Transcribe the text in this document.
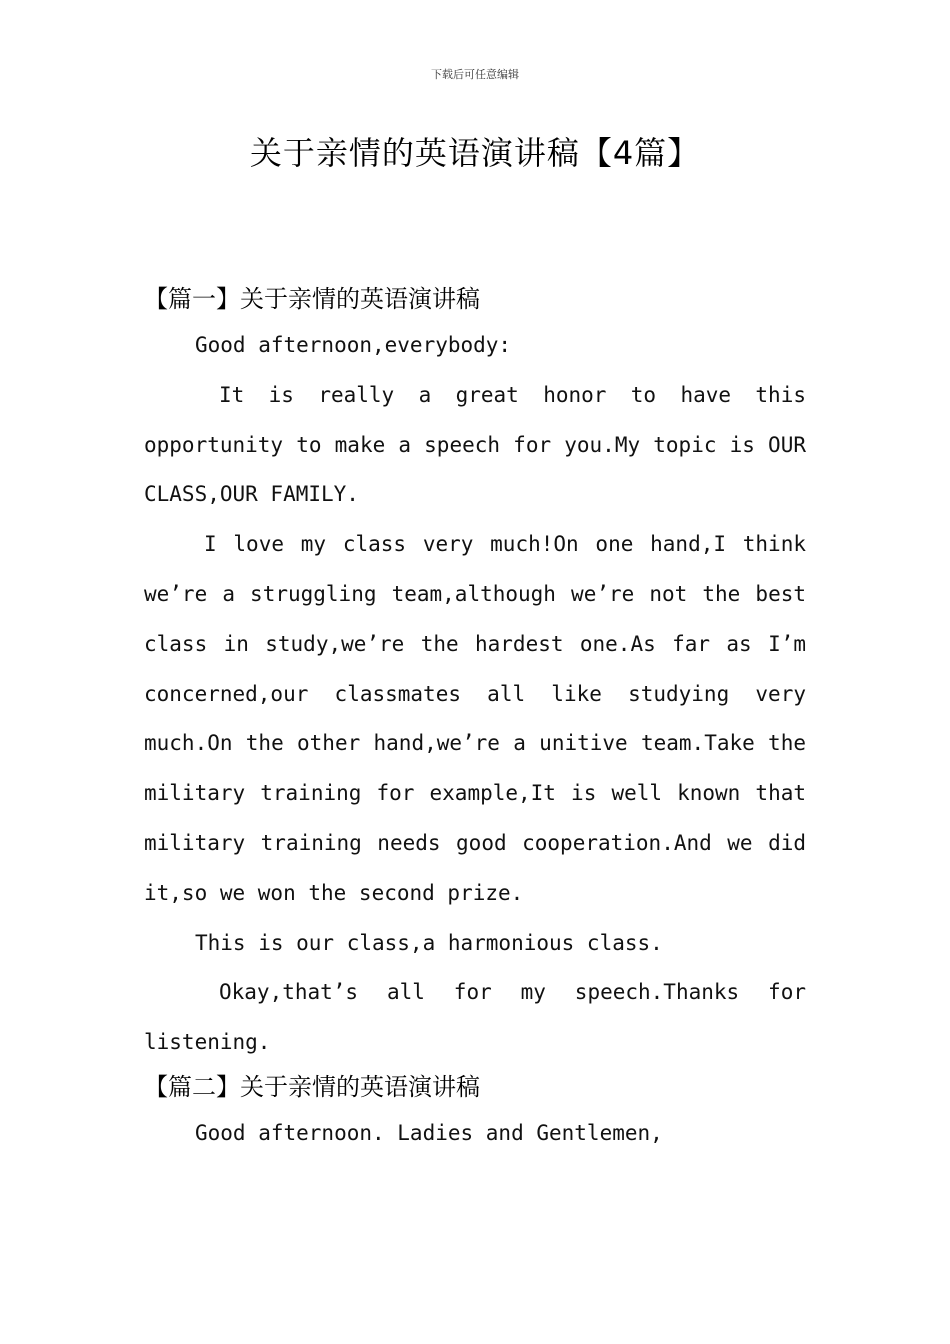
下载后可任意编辑
关于亲情的英语演讲稿【4篇】
【篇一】关于亲情的英语演讲稿

Good afternoon,everybody:

It is really a great honor to have this opportunity to make a speech for you.My topic is OUR CLASS,OUR FAMILY.

I love my class very much!On one hand,I think we’re a struggling team,although we’re not the best class in study,we’re the hardest one.As far as I’m concerned,our classmates all like studying very much.On the other hand,we’re a unitive team.Take the military training for example,It is well known that military training needs good cooperation.And we did it,so we won the second prize.

This is our class,a harmonious class.

Okay,that’s all for my speech.Thanks for listening.

【篇二】关于亲情的英语演讲稿

Good afternoon. Ladies and Gentlemen,
